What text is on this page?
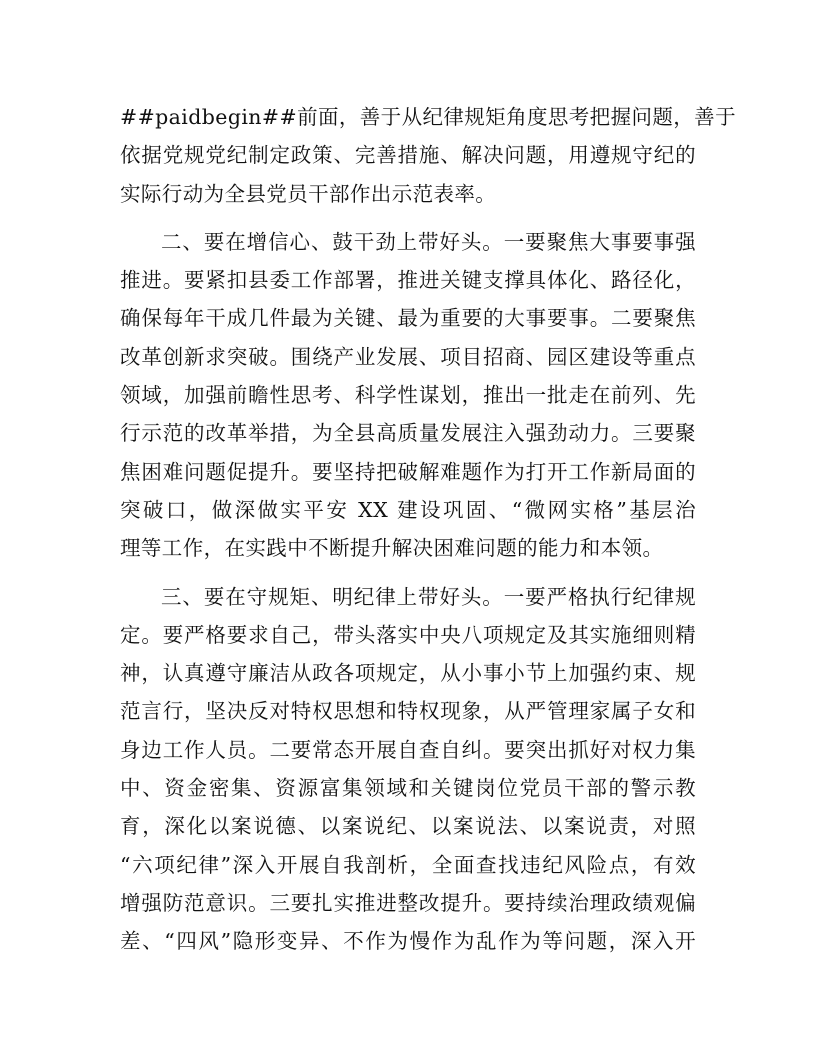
##paidbegin##前面，善于从纪律规矩角度思考把握问题，善于
依据党规党纪制定政策、完善措施、解决问题，用遵规守纪的
实际行动为全县党员干部作出示范表率。
二、要在增信心、鼓干劲上带好头。一要聚焦大事要事强
推进。要紧扣县委工作部署，推进关键支撑具体化、路径化，
确保每年干成几件最为关键、最为重要的大事要事。二要聚焦
改革创新求突破。围绕产业发展、项目招商、园区建设等重点
领域，加强前瞻性思考、科学性谋划，推出一批走在前列、先
行示范的改革举措，为全县高质量发展注入强劲动力。三要聚
焦困难问题促提升。要坚持把破解难题作为打开工作新局面的
突破口，做深做实平安 XX 建设巩固、“微网实格”基层治
理等工作，在实践中不断提升解决困难问题的能力和本领。
三、要在守规矩、明纪律上带好头。一要严格执行纪律规
定。要严格要求自己，带头落实中央八项规定及其实施细则精
神，认真遵守廉洁从政各项规定，从小事小节上加强约束、规
范言行，坚决反对特权思想和特权现象，从严管理家属子女和
身边工作人员。二要常态开展自查自纠。要突出抓好对权力集
中、资金密集、资源富集领域和关键岗位党员干部的警示教
育，深化以案说德、以案说纪、以案说法、以案说责，对照
“六项纪律”深入开展自我剖析，全面查找违纪风险点，有效
增强防范意识。三要扎实推进整改提升。要持续治理政绩观偏
差、“四风”隐形变异、不作为慢作为乱作为等问题，深入开
